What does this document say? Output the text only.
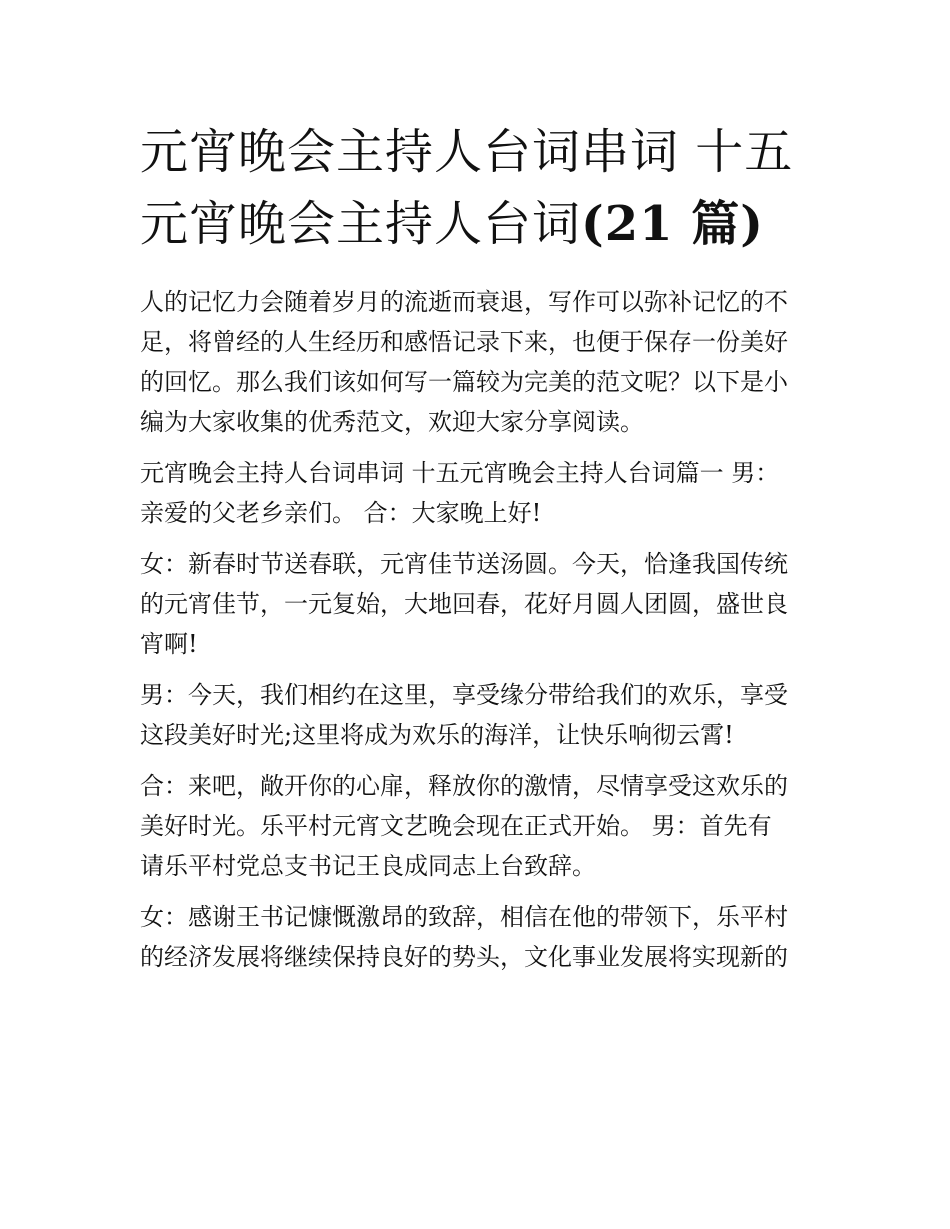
元宵晚会主持人台词串词 十五
元宵晚会主持人台词(21 篇)

人的记忆力会随着岁月的流逝而衰退，写作可以弥补记忆的不
足，将曾经的人生经历和感悟记录下来，也便于保存一份美好
的回忆。那么我们该如何写一篇较为完美的范文呢？以下是小
编为大家收集的优秀范文，欢迎大家分享阅读。

元宵晚会主持人台词串词 十五元宵晚会主持人台词篇一 男：
亲爱的父老乡亲们。 合：大家晚上好!

女：新春时节送春联，元宵佳节送汤圆。今天，恰逢我国传统
的元宵佳节，一元复始，大地回春，花好月圆人团圆，盛世良
宵啊!

男：今天，我们相约在这里，享受缘分带给我们的欢乐，享受
这段美好时光;这里将成为欢乐的海洋，让快乐响彻云霄!

合：来吧，敞开你的心扉，释放你的激情，尽情享受这欢乐的
美好时光。乐平村元宵文艺晚会现在正式开始。 男：首先有
请乐平村党总支书记王良成同志上台致辞。

女：感谢王书记慷慨激昂的致辞，相信在他的带领下，乐平村
的经济发展将继续保持良好的势头，文化事业发展将实现新的
